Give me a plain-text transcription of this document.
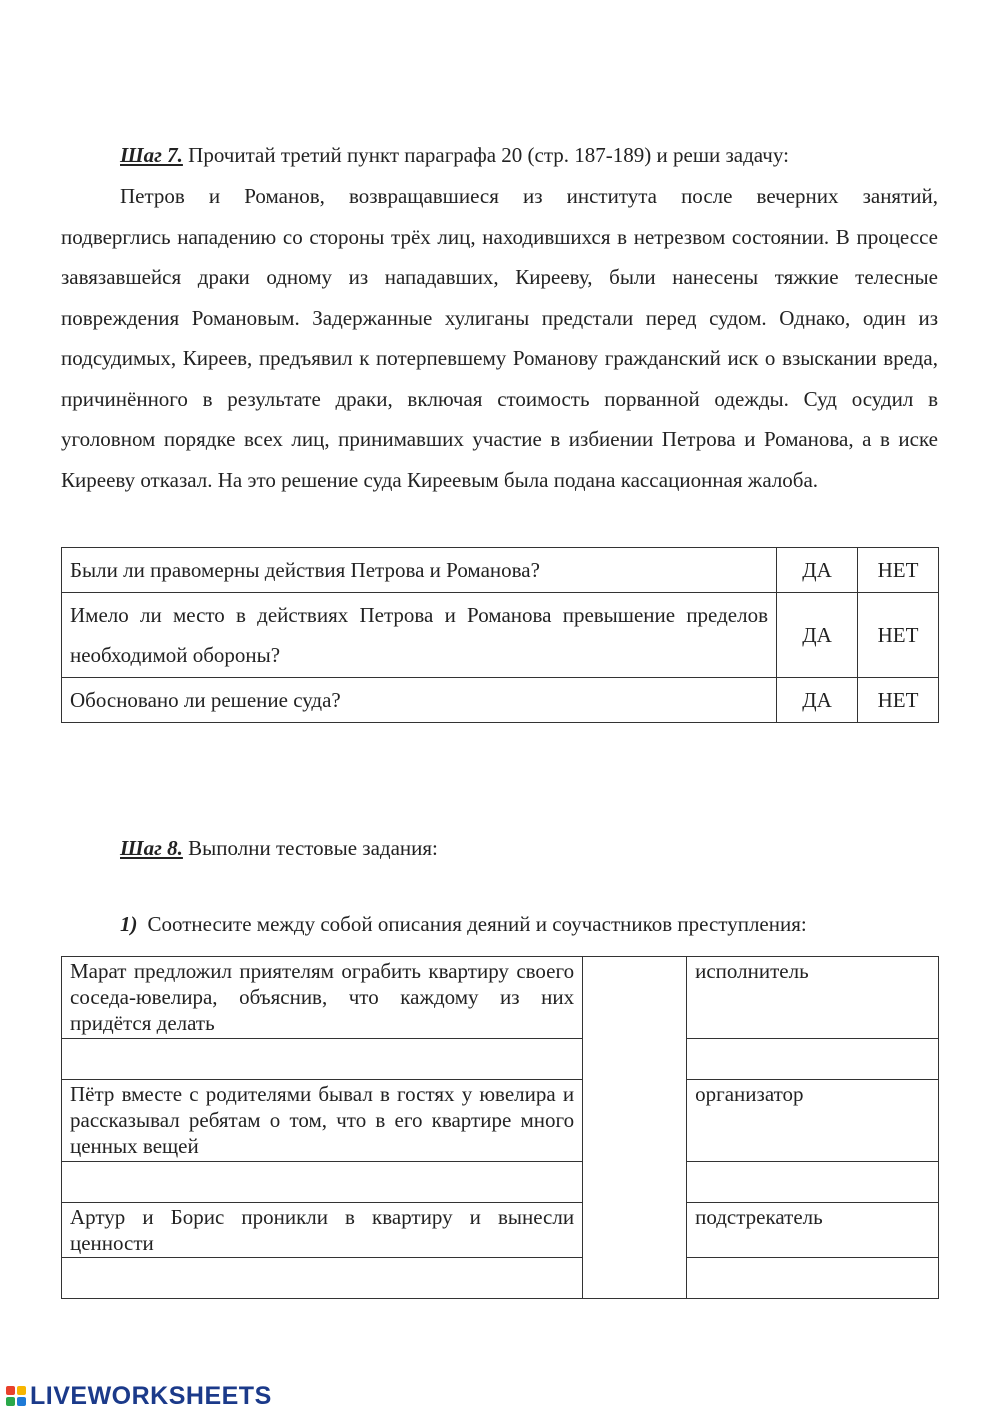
Шаг 7. Прочитай третий пункт параграфа 20 (стр. 187-189) и реши задачу:
Петров и Романов, возвращавшиеся из института после вечерних занятий,
подверглись нападению со стороны трёх лиц, находившихся в нетрезвом состоянии. В процессе завязавшейся драки одному из нападавших, Кирееву, были нанесены тяжкие телесные повреждения Романовым. Задержанные хулиганы предстали перед судом. Однако, один из подсудимых, Киреев, предъявил к потерпевшему Романову гражданский иск о взыскании вреда, причинённого в результате драки, включая стоимость порванной одежды. Суд осудил в уголовном порядке всех лиц, принимавших участие в избиении Петрова и Романова, а в иске Кирееву отказал. На это решение суда Киреевым была подана кассационная жалоба.
Были ли правомерны действия Петрова и Романова?	ДА	НЕТ
Имело ли место в действиях Петрова и Романова превышение пределов необходимой обороны?	ДА	НЕТ
Обосновано ли решение суда?	ДА	НЕТ
Шаг 8. Выполни тестовые задания:
1) Соотнесите между собой описания деяний и соучастников преступления:
Марат предложил приятелям ограбить квартиру своего соседа-ювелира, объяснив, что каждому из них придётся делать		исполнитель

Пётр вместе с родителями бывал в гостях у ювелира и рассказывал ребятам о том, что в его квартире много ценных вещей		организатор

Артур и Борис проникли в квартиру и вынесли ценности		подстрекатель

LIVEWORKSHEETS
